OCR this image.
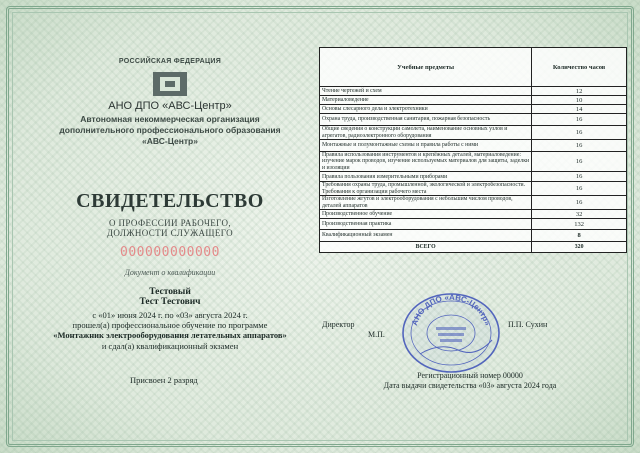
РОССИЙСКАЯ ФЕДЕРАЦИЯ
АНО ДПО «АВС-Центр»
Автономная некоммерческая организация
дополнительного профессионального образования
«АВС-Центр»
СВИДЕТЕЛЬСТВО
О ПРОФЕССИИ РАБОЧЕГО,
ДОЛЖНОСТИ СЛУЖАЩЕГО
000000000000
Документ о квалификации
Тестовый
Тест Тестович
с «01» июня 2024 г. по «03» августа 2024 г.
прошел(а) профессиональное обучение по программе
«Монтажник электрооборудования летательных аппаратов»
и сдал(а) квалификационный экзамен
Присвоен 2 разряд
Учебные предметы	Количество часов
Чтение чертежей и схем	12
Материаловедение	10
Основы слесарного дела и электротехники	14
Охрана труда, производственная санитария, пожарная безопасность	16
Общие сведения о конструкции самолета, наименование основных узлов и агрегатов, радиоэлектронного оборудования	16
Монтажные и полумонтажные схемы и правила работы с ними	16
Правила использования инструментов и крепёжных деталей, материаловедение: изучение марок проводов, изучение используемых материалов для защиты, заделки и изоляции	16
Правила пользования измерительными приборами	16
Требования охраны труда, промышленной, экологической и электробезопасности. Требования к организации рабочего места	16
Изготовление жгутов и электрооборудования с небольшим числом проводов, деталей аппаратов	16
Производственное обучение	32
Производственная практика	132
Квалификационный экзамен	8
ВСЕГО	320
АНО ДПО «АВС-Центр»
Директор
М.П.
П.П. Сухин
Регистрационный номер 00000
Дата выдачи свидетельства «03» августа 2024 года
